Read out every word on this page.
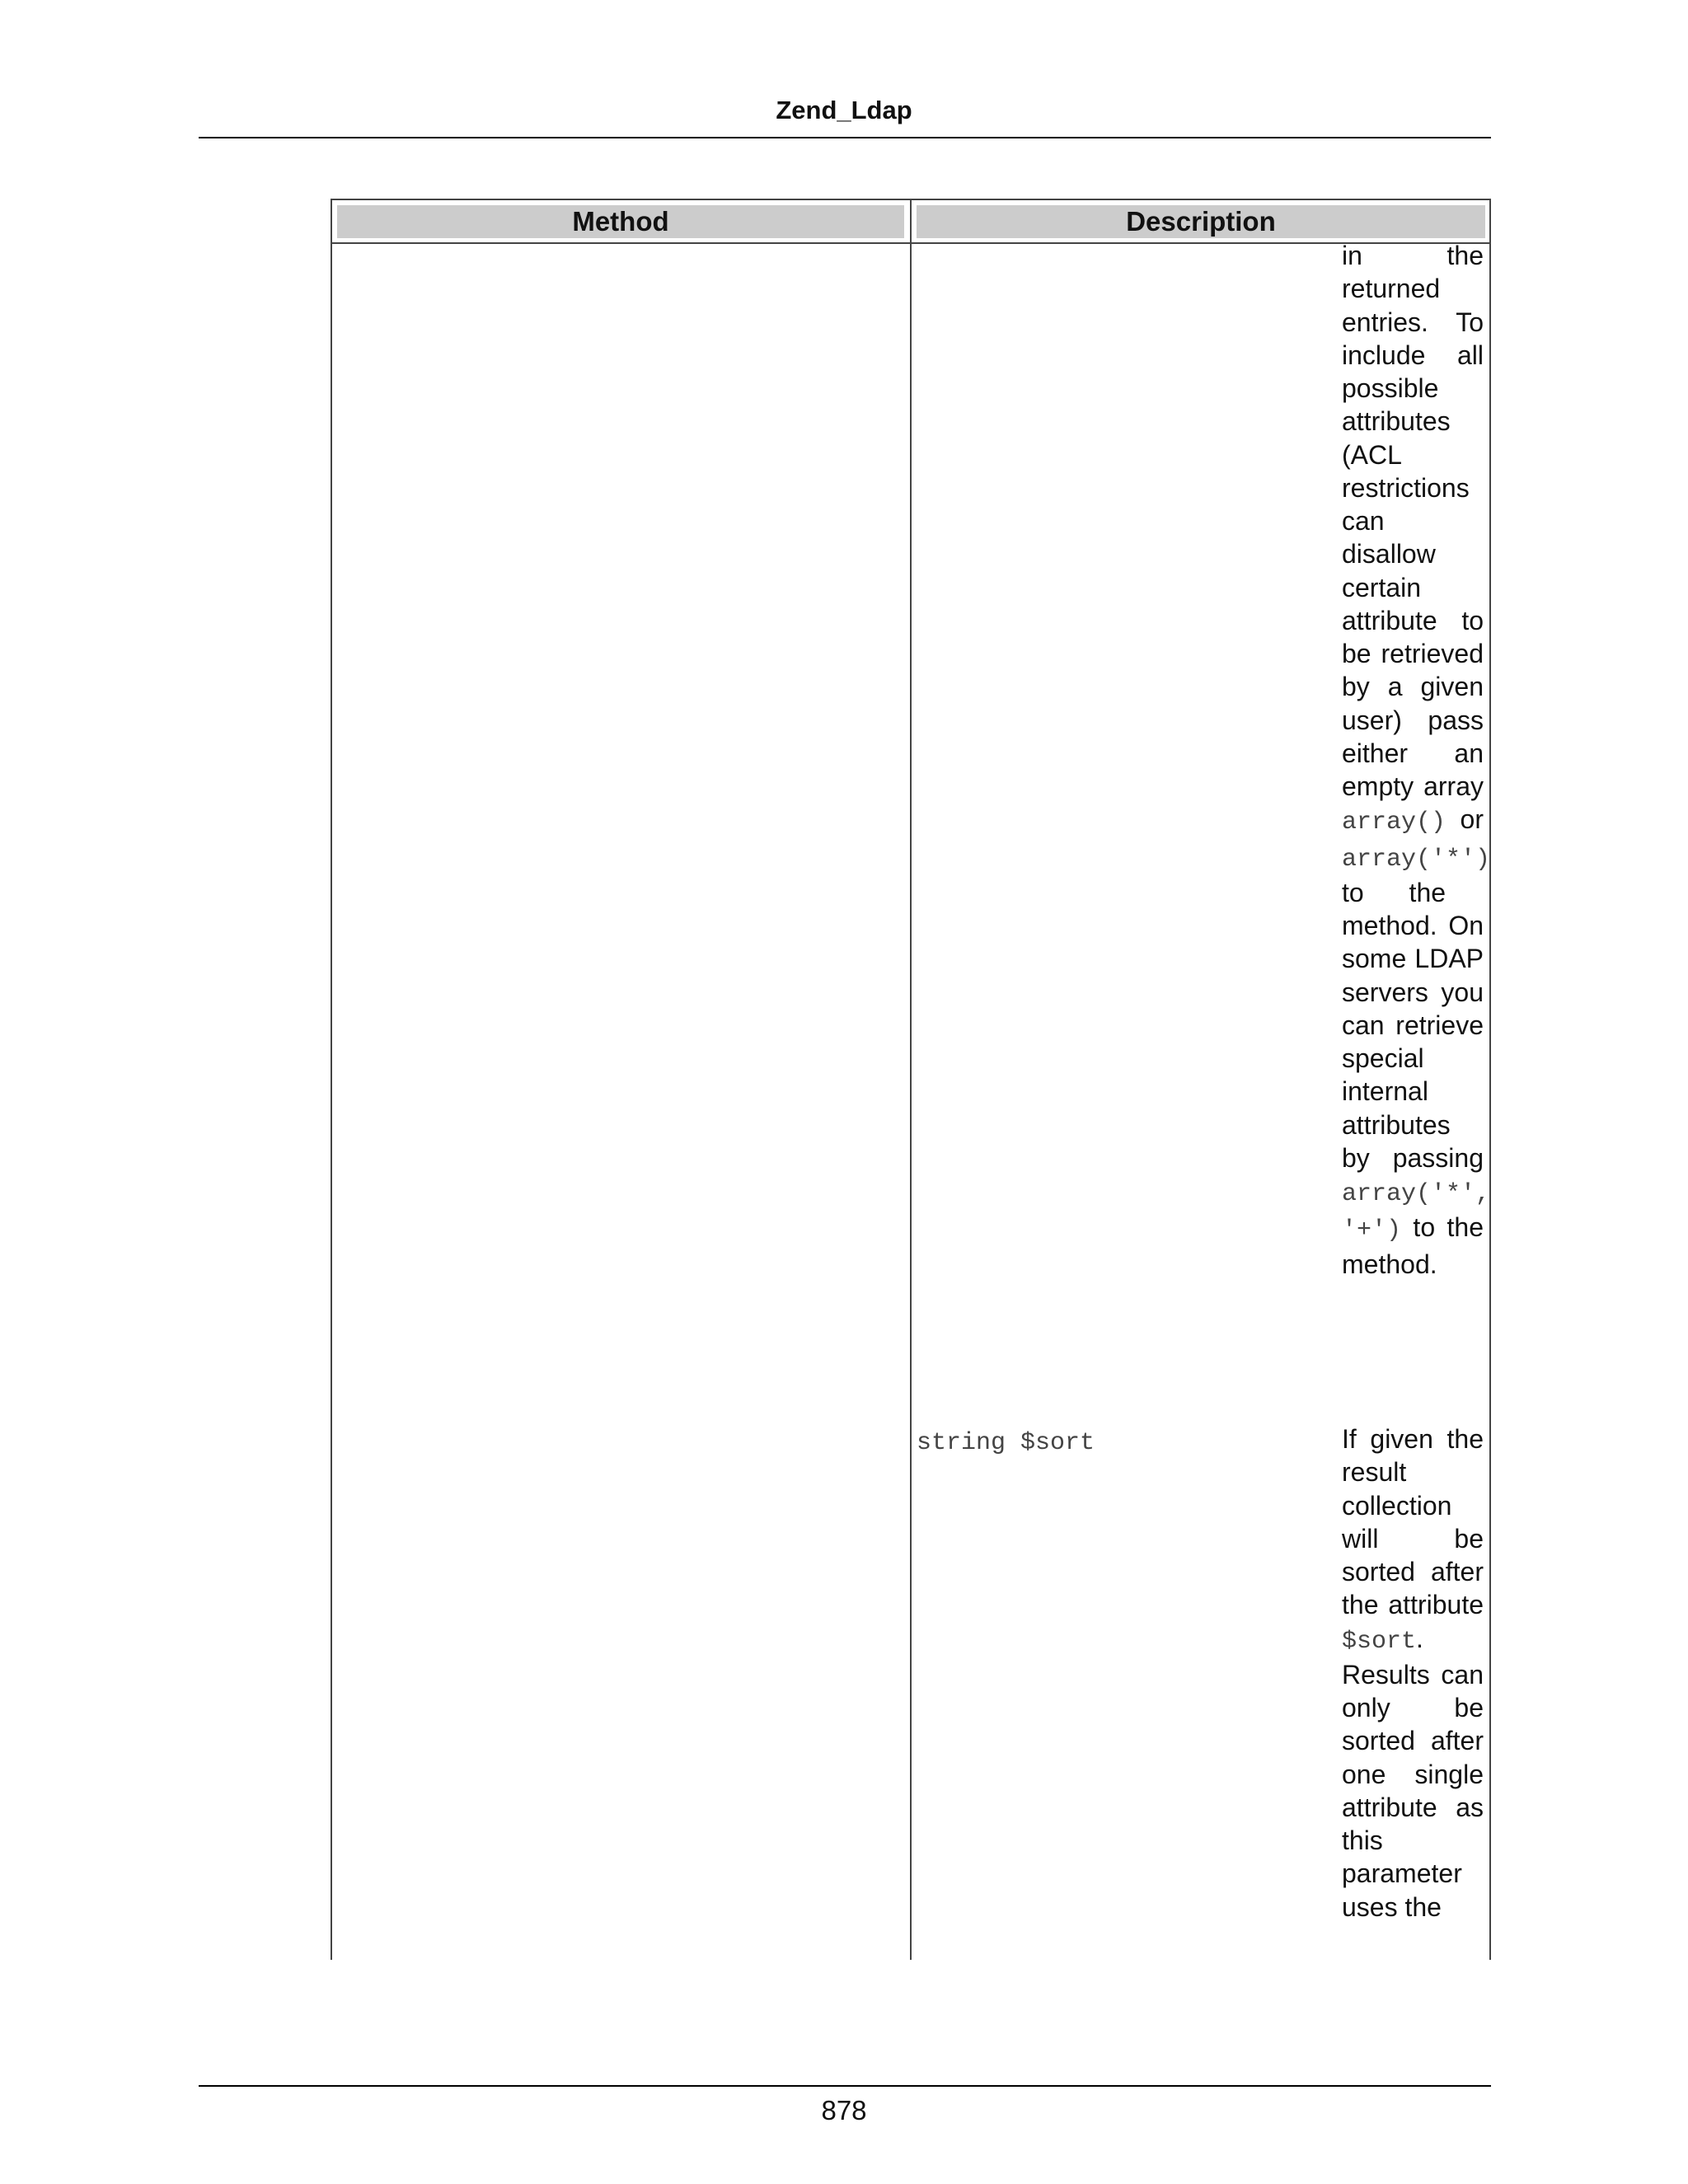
Zend_Ldap
Method	Description

in the returned entries. To include all possible attributes (ACL restrictions can disallow certain attribute to be retrieved by a given user) pass either an empty array array() or array('*') to the method. On some LDAP servers you can retrieve special internal attributes by passing array('*', '+') to the method.

string $sort	If given the result collection will be sorted after the attribute $sort. Results can only be sorted after one single attribute as this parameter uses the

878
